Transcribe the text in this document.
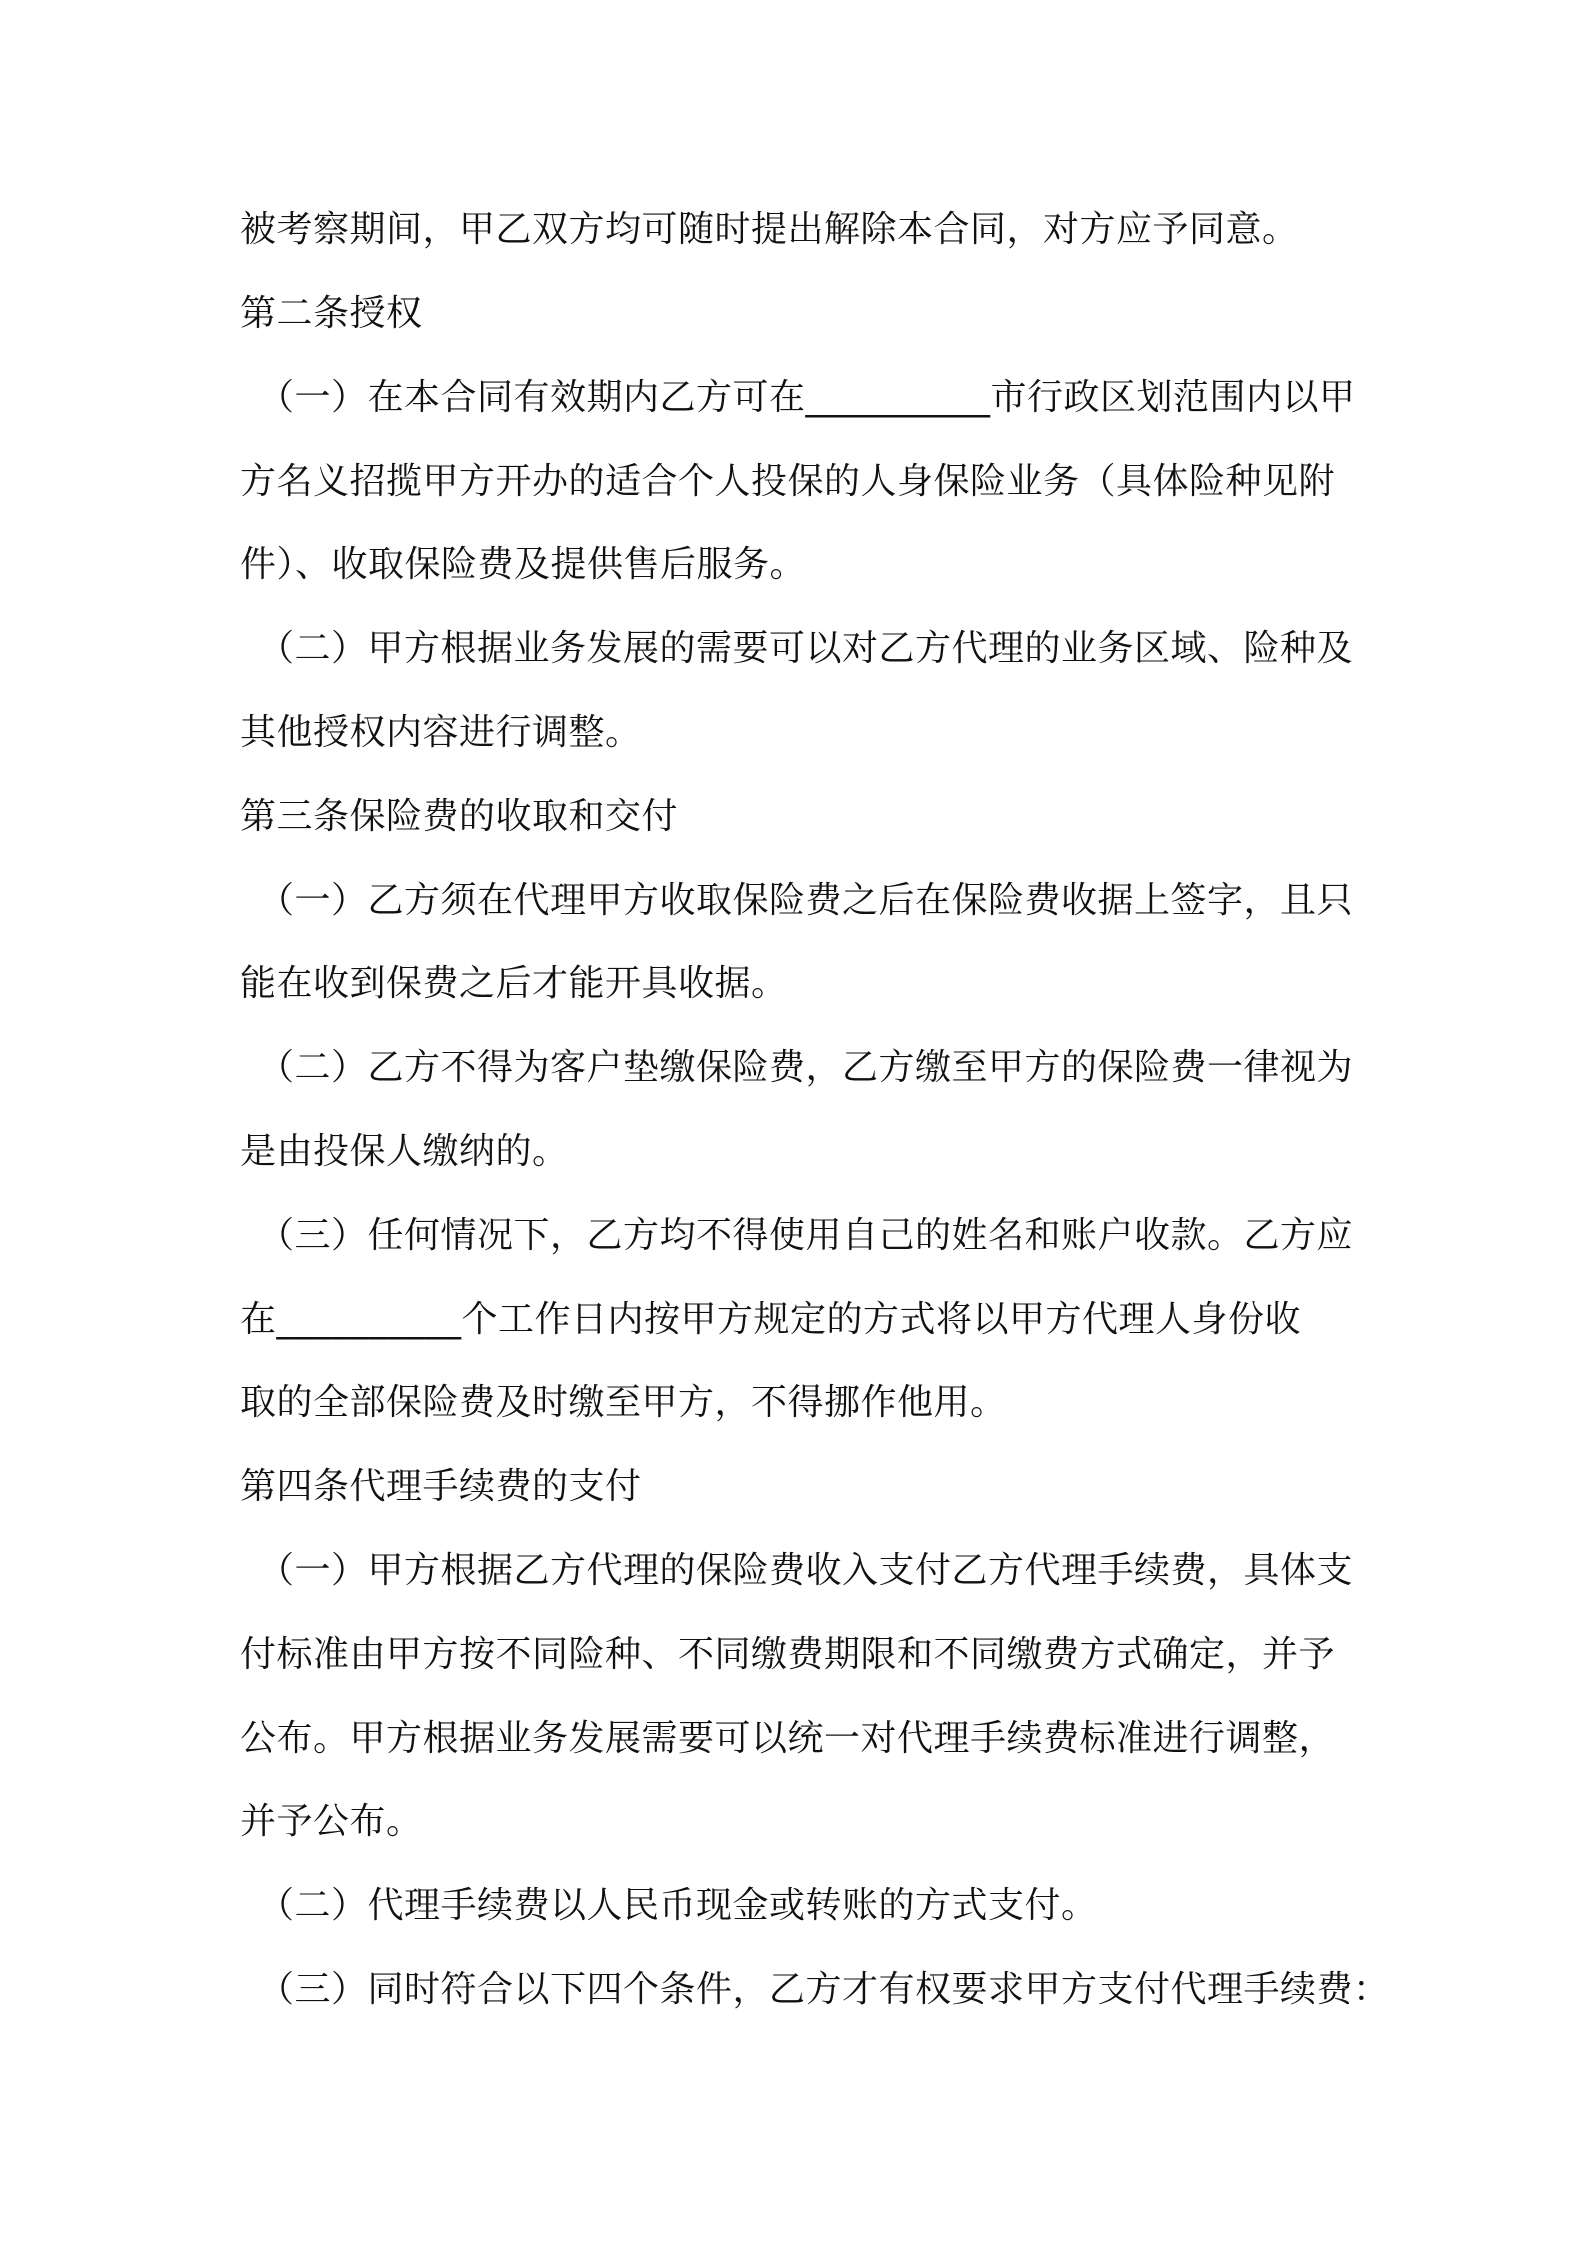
被考察期间，甲乙双方均可随时提出解除本合同，对方应予同意。

第二条授权

（一）在本合同有效期内乙方可在__________市行政区划范围内以甲

方名义招揽甲方开办的适合个人投保的人身保险业务（具体险种见附

件）、收取保险费及提供售后服务。

（二）甲方根据业务发展的需要可以对乙方代理的业务区域、险种及

其他授权内容进行调整。

第三条保险费的收取和交付

（一）乙方须在代理甲方收取保险费之后在保险费收据上签字，且只

能在收到保费之后才能开具收据。

（二）乙方不得为客户垫缴保险费，乙方缴至甲方的保险费一律视为

是由投保人缴纳的。

（三）任何情况下，乙方均不得使用自己的姓名和账户收款。乙方应

在__________个工作日内按甲方规定的方式将以甲方代理人身份收

取的全部保险费及时缴至甲方，不得挪作他用。

第四条代理手续费的支付

（一）甲方根据乙方代理的保险费收入支付乙方代理手续费，具体支

付标准由甲方按不同险种、不同缴费期限和不同缴费方式确定，并予

公布。甲方根据业务发展需要可以统一对代理手续费标准进行调整，

并予公布。

（二）代理手续费以人民币现金或转账的方式支付。

（三）同时符合以下四个条件，乙方才有权要求甲方支付代理手续费：
